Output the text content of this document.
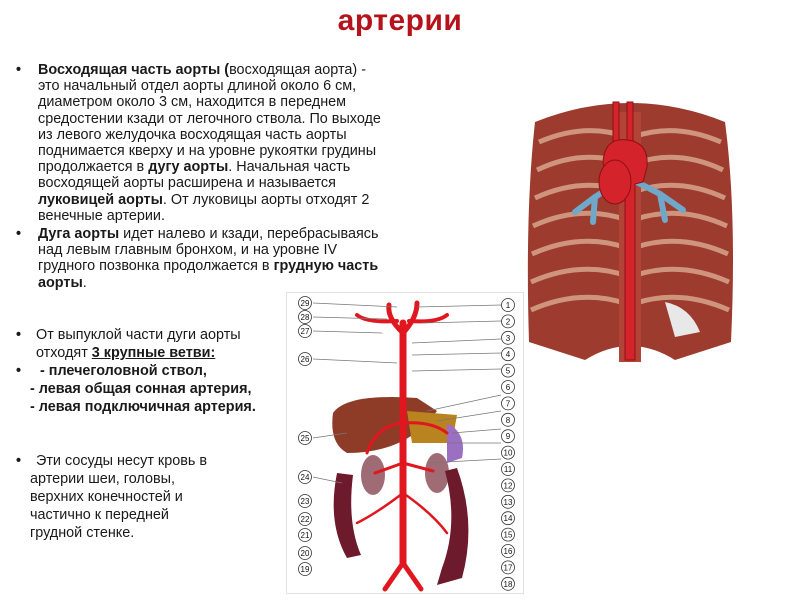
артерии
•	Восходящая часть аорты (восходящая аорта) -
это начальный отдел аорты длиной около 6 см,
диаметром около 3 см, находится в переднем
средостении кзади от легочного ствола. По выходе
из левого желудочка восходящая часть аорты
поднимается кверху и на уровне рукоятки грудины
продолжается в дугу аорты. Начальная часть
восходящей аорты расширена и называется
луковицей аорты. От луковицы аорты отходят 2
венечные артерии.
•	Дуга аорты идет налево и кзади, перебрасываясь
над левым главным бронхом, и на уровне IV
грудного позвонка продолжается в грудную часть
аорты.
• От выпуклой части дуги аорты
отходят 3 крупные ветви:
• - плечеголовной ствол,
- левая общая сонная артерия,
- левая подключичная артерия.
• Эти сосуды несут кровь в
артерии шеи, головы,
верхних конечностей и
частично к передней
грудной стенке.
1
2
3
4
5
6
7
8
9
10
11
12
13
14
15
16
17
18
29
28
27
26
25
24
23
22
21
20
19
